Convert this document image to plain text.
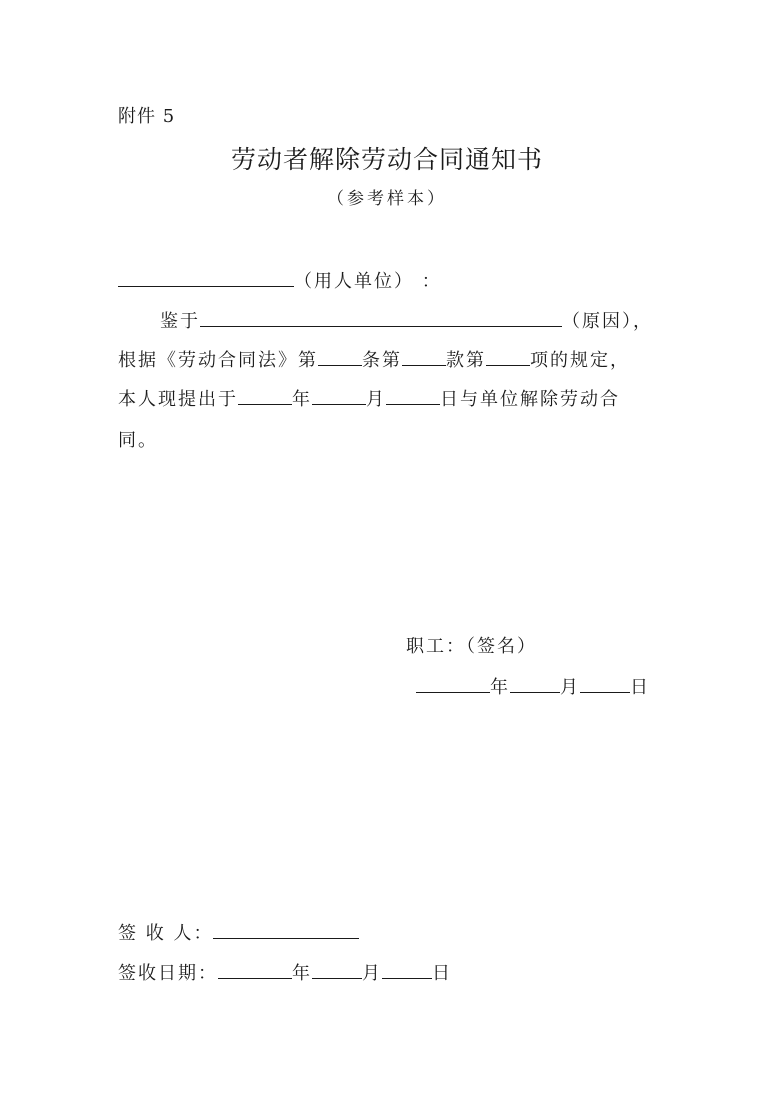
附件 5
劳动者解除劳动合同通知书
（参考样本）
（用人单位） ：
鉴于	（原因），
根据《劳动合同法》第 条第 款第 项的规定，
本人现提出于	年	月	日与单位解除劳动合
同。
职工：（签名）
年	月	日
签 收 人：
签收日期：	年	月	日
